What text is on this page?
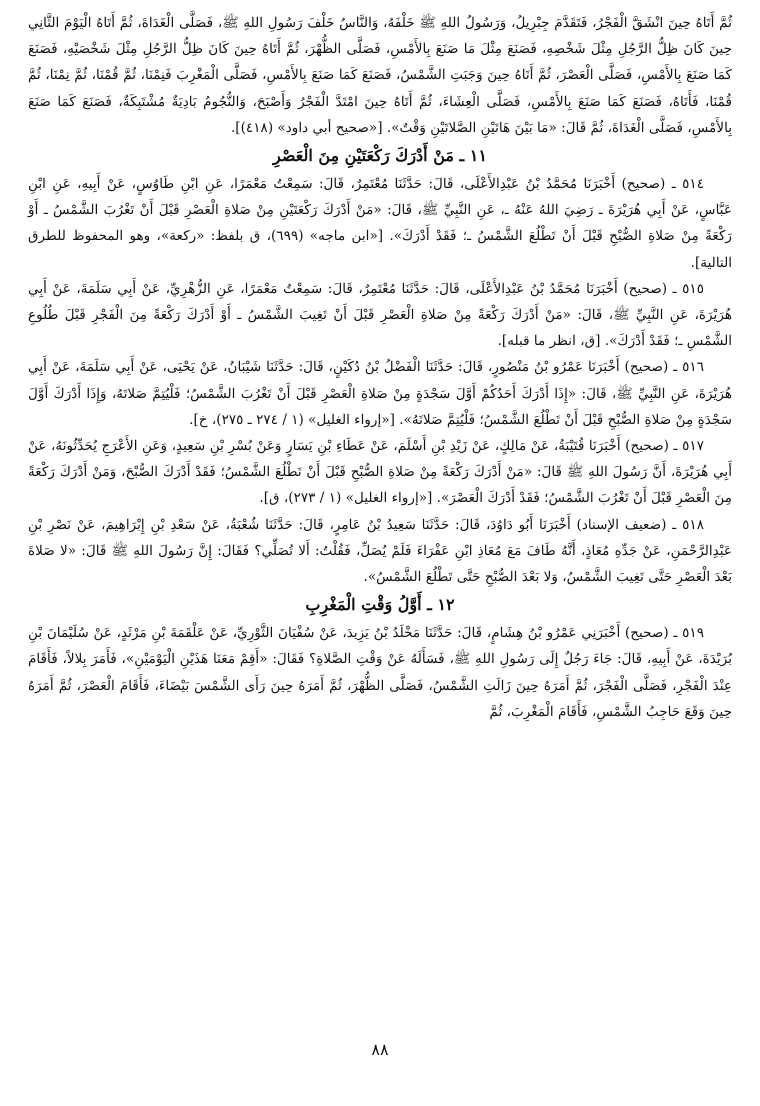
ثُمَّ أَتَاهُ حِينَ انْشَقَّ الْفَجْرُ، فَتَقَدَّمَ جِبْرِيلُ، وَرَسُولُ اللهِ ﷺ خَلْفَهُ، وَالنَّاسُ خَلْفَ رَسُولِ اللهِ ﷺ، فَصَلَّى الْغَدَاةَ، ثُمَّ أَتَاهُ الْيَوْمَ الثَّانِي حِينَ كَانَ ظِلُّ الرَّجُلِ مِثْلَ شَخْصِهِ، فَصَنَعَ مِثْلَ مَا صَنَعَ بِالأَمْسِ، فَصَلَّى الظُّهْرَ، ثُمَّ أَتَاهُ حِينَ كَانَ ظِلُّ الرَّجُلِ مِثْلَ شَخْصَيْهِ، فَصَنَعَ كَمَا صَنَعَ بِالأَمْسِ، فَصَلَّى الْعَصْرَ، ثُمَّ أَتَاهُ حِينَ وَجَبَتِ الشَّمْسُ، فَصَنَعَ كَمَا صَنَعَ بِالأَمْسِ، فَصَلَّى الْمَغْرِبَ فَنِمْنَا، ثُمَّ قُمْنَا، ثُمَّ نِمْنَا، ثُمَّ قُمْنَا، فَأَتَاهُ، فَصَنَعَ كَمَا صَنَعَ بِالأَمْسِ، فَصَلَّى الْعِشَاءَ، ثُمَّ أَتَاهُ حِينَ امْتَدَّ الْفَجْرُ وَأَصْبَحَ، وَالنُّجُومُ بَادِيَةٌ مُشْتَبِكَةٌ، فَصَنَعَ كَمَا صَنَعَ بِالأَمْسِ، فَصَلَّى الْغَدَاةَ، ثُمَّ قَالَ: «مَا بَيْنَ هَاتَيْنِ الصَّلاتَيْنِ وَقْتٌ». [«صحيح أبي داود» (٤١٨)].

١١ ـ مَنْ أَدْرَكَ رَكْعَتَيْنِ مِنَ الْعَصْرِ

٥١٤ ـ (صحيح) أَخْبَرَنَا مُحَمَّدُ بْنُ عَبْدِالأَعْلَى، قَالَ: حَدَّثَنَا مُعْتَمِرٌ، قَالَ: سَمِعْتُ مَعْمَرًا، عَنِ ابْنِ طَاوُسٍ، عَنْ أَبِيهِ، عَنِ ابْنِ عَبَّاسٍ، عَنْ أَبِي هُرَيْرَةَ ـ رَضِيَ اللهُ عَنْهُ ـ، عَنِ النَّبِيِّ ﷺ، قَالَ: «مَنْ أَدْرَكَ رَكْعَتَيْنِ مِنْ صَلاةِ الْعَصْرِ قَبْلَ أَنْ تَغْرُبَ الشَّمْسُ ـ أَوْ رَكْعَةً مِنْ صَلاةِ الصُّبْحِ قَبْلَ أَنْ تَطْلُعَ الشَّمْسُ ـ؛ فَقَدْ أَدْرَكَ». [«ابن ماجه» (٦٩٩)، ق بلفظ: «ركعة»، وهو المحفوظ للطرق التالية].

٥١٥ ـ (صحيح) أَخْبَرَنَا مُحَمَّدُ بْنُ عَبْدِالأَعْلَى، قَالَ: حَدَّثَنَا مُعْتَمِرٌ، قَالَ: سَمِعْتُ مَعْمَرًا، عَنِ الزُّهْرِيِّ، عَنْ أَبِي سَلَمَةَ، عَنْ أَبِي هُرَيْرَةَ، عَنِ النَّبِيِّ ﷺ، قَالَ: «مَنْ أَدْرَكَ رَكْعَةً مِنْ صَلاةِ الْعَصْرِ قَبْلَ أَنْ تَغِيبَ الشَّمْسُ ـ أَوْ أَدْرَكَ رَكْعَةً مِنَ الْفَجْرِ قَبْلَ طُلُوعِ الشَّمْسِ ـ؛ فَقَدْ أَدْرَكَ». [ق، انظر ما قبله].

٥١٦ ـ (صحيح) أَخْبَرَنَا عَمْرُو بْنُ مَنْصُورٍ، قَالَ: حَدَّثَنَا الْفَضْلُ بْنُ دُكَيْنٍ، قَالَ: حَدَّثَنَا شَيْبَانُ، عَنْ يَحْيَى، عَنْ أَبِي سَلَمَةَ، عَنْ أَبِي هُرَيْرَةَ، عَنِ النَّبِيِّ ﷺ، قَالَ: «إِذَا أَدْرَكَ أَحَدُكُمْ أَوَّلَ سَجْدَةٍ مِنْ صَلاةِ الْعَصْرِ قَبْلَ أَنْ تَغْرُبَ الشَّمْسُ؛ فَلْيُتِمَّ صَلاتَهُ، وَإِذَا أَدْرَكَ أَوَّلَ سَجْدَةٍ مِنْ صَلاةِ الصُّبْحِ قَبْلَ أَنْ تَطْلُعَ الشَّمْسُ؛ فَلْيُتِمَّ صَلاتَهُ». [«إرواء الغليل» (١ / ٢٧٤ ـ ٢٧٥)، خ].

٥١٧ ـ (صحيح) أَخْبَرَنَا قُتَيْبَةُ، عَنْ مَالِكٍ، عَنْ زَيْدِ بْنِ أَسْلَمَ، عَنْ عَطَاءِ بْنِ يَسَارٍ وَعَنْ بُسْرِ بْنِ سَعِيدٍ، وَعَنِ الأَعْرَجِ يُحَدِّثُونَهُ، عَنْ أَبِي هُرَيْرَةَ، أَنَّ رَسُولَ اللهِ ﷺ قَالَ: «مَنْ أَدْرَكَ رَكْعَةً مِنْ صَلاةِ الصُّبْحِ قَبْلَ أَنْ تَطْلُعَ الشَّمْسُ؛ فَقَدْ أَدْرَكَ الصُّبْحَ، وَمَنْ أَدْرَكَ رَكْعَةً مِنَ الْعَصْرِ قَبْلَ أَنْ تَغْرُبَ الشَّمْسُ؛ فَقَدْ أَدْرَكَ الْعَصْرَ». [«إرواء الغليل» (١ / ٢٧٣)، ق].

٥١٨ ـ (ضعيف الإسناد) أَخْبَرَنَا أَبُو دَاوُدَ، قَالَ: حَدَّثَنَا سَعِيدُ بْنُ عَامِرٍ، قَالَ: حَدَّثَنَا شُعْبَةُ، عَنْ سَعْدِ بْنِ إِبْرَاهِيمَ، عَنْ نَصْرِ بْنِ عَبْدِالرَّحْمَنِ، عَنْ جَدِّهِ مُعَاذٍ، أَنَّهُ طَافَ مَعَ مُعَاذِ ابْنِ عَفْرَاءَ فَلَمْ يُصَلِّ، فَقُلْتُ: أَلا تُصَلِّي؟ فَقَالَ: إِنَّ رَسُولَ اللهِ ﷺ قَالَ: «لا صَلاةَ بَعْدَ الْعَصْرِ حَتَّى تَغِيبَ الشَّمْسُ، وَلا بَعْدَ الصُّبْحِ حَتَّى تَطْلُعَ الشَّمْسُ».

١٢ ـ أَوَّلُ وَقْتِ الْمَغْرِبِ

٥١٩ ـ (صحيح) أَخْبَرَنِي عَمْرُو بْنُ هِشَامٍ، قَالَ: حَدَّثَنَا مَخْلَدُ بْنُ يَزِيدَ، عَنْ سُفْيَانَ الثَّوْرِيِّ، عَنْ عَلْقَمَةَ بْنِ مَرْثَدٍ، عَنْ سُلَيْمَانَ بْنِ بُرَيْدَةَ، عَنْ أَبِيهِ، قَالَ: جَاءَ رَجُلٌ إِلَى رَسُولِ اللهِ ﷺ، فَسَأَلَهُ عَنْ وَقْتِ الصَّلاةِ؟ فَقَالَ: «أَقِمْ مَعَنَا هَذَيْنِ الْيَوْمَيْنِ»، فَأَمَرَ بِلالاً، فَأَقَامَ عِنْدَ الْفَجْرِ، فَصَلَّى الْفَجْرَ، ثُمَّ أَمَرَهُ حِينَ زَالَتِ الشَّمْسُ، فَصَلَّى الظُّهْرَ، ثُمَّ أَمَرَهُ حِينَ رَأَى الشَّمْسَ بَيْضَاءَ، فَأَقَامَ الْعَصْرَ، ثُمَّ أَمَرَهُ حِينَ وَقَعَ حَاجِبُ الشَّمْسِ، فَأَقَامَ الْمَغْرِبَ، ثُمَّ

٨٨
